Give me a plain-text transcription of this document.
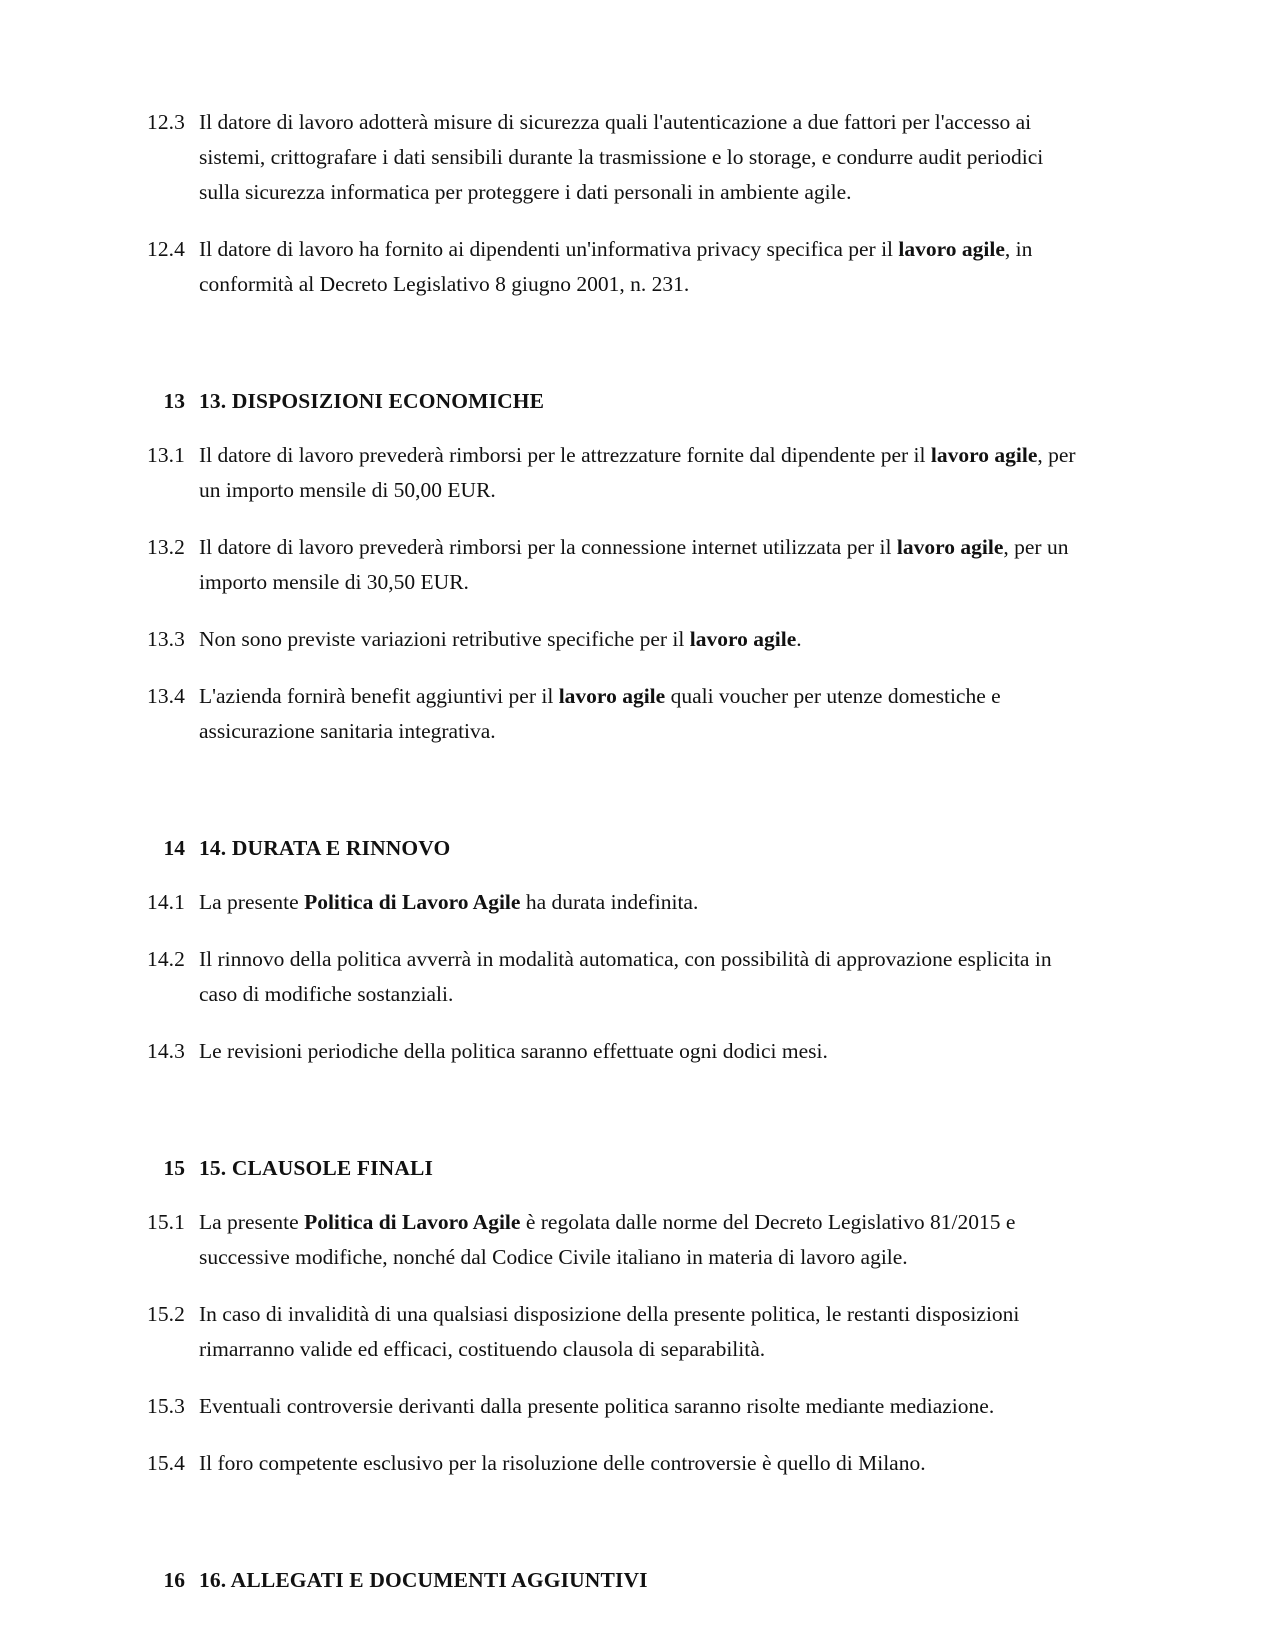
12.3 Il datore di lavoro adotterà misure di sicurezza quali l'autenticazione a due fattori per l'accesso ai sistemi, crittografare i dati sensibili durante la trasmissione e lo storage, e condurre audit periodici sulla sicurezza informatica per proteggere i dati personali in ambiente agile.
12.4 Il datore di lavoro ha fornito ai dipendenti un'informativa privacy specifica per il lavoro agile, in conformità al Decreto Legislativo 8 giugno 2001, n. 231.
13 13. DISPOSIZIONI ECONOMICHE
13.1 Il datore di lavoro prevederà rimborsi per le attrezzature fornite dal dipendente per il lavoro agile, per un importo mensile di 50,00 EUR.
13.2 Il datore di lavoro prevederà rimborsi per la connessione internet utilizzata per il lavoro agile, per un importo mensile di 30,50 EUR.
13.3 Non sono previste variazioni retributive specifiche per il lavoro agile.
13.4 L'azienda fornirà benefit aggiuntivi per il lavoro agile quali voucher per utenze domestiche e assicurazione sanitaria integrativa.
14 14. DURATA E RINNOVO
14.1 La presente Politica di Lavoro Agile ha durata indefinita.
14.2 Il rinnovo della politica avverrà in modalità automatica, con possibilità di approvazione esplicita in caso di modifiche sostanziali.
14.3 Le revisioni periodiche della politica saranno effettuate ogni dodici mesi.
15 15. CLAUSOLE FINALI
15.1 La presente Politica di Lavoro Agile è regolata dalle norme del Decreto Legislativo 81/2015 e successive modifiche, nonché dal Codice Civile italiano in materia di lavoro agile.
15.2 In caso di invalidità di una qualsiasi disposizione della presente politica, le restanti disposizioni rimarranno valide ed efficaci, costituendo clausola di separabilità.
15.3 Eventuali controversie derivanti dalla presente politica saranno risolte mediante mediazione.
15.4 Il foro competente esclusivo per la risoluzione delle controversie è quello di Milano.
16 16. ALLEGATI E DOCUMENTI AGGIUNTIVI
